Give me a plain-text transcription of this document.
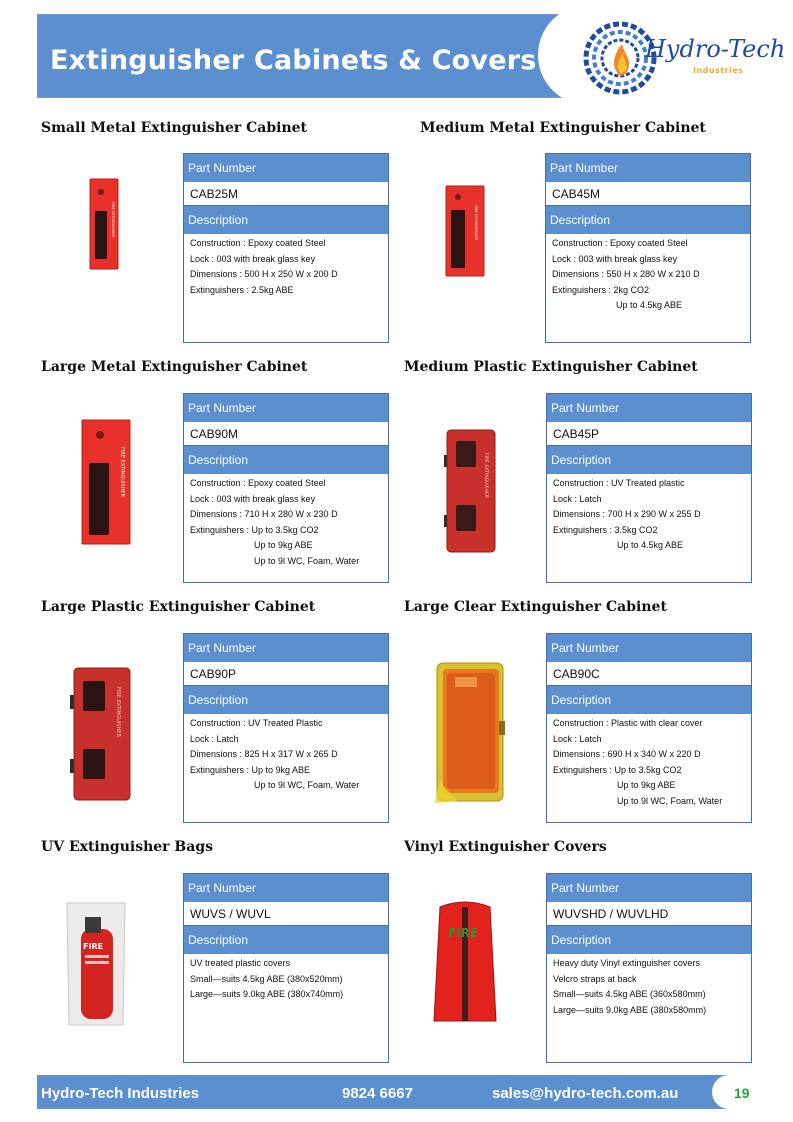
Extinguisher Cabinets & Covers	Hydro-Tech
Industries
Small Metal Extinguisher Cabinet
FIRE EXTINGUISHER
Part Number
CAB25M
Description
Construction : Epoxy coated Steel
Lock : 003 with break glass key
Dimensions : 500 H x 250 W x 200 D
Extinguishers : 2.5kg ABE
Medium Metal Extinguisher Cabinet
FIRE EXTINGUISHER
Part Number
CAB45M
Description
Construction : Epoxy coated Steel
Lock : 003 with break glass key
Dimensions : 550 H x 280 W x 210 D
Extinguishers : 2kg CO2
Up to 4.5kg ABE
Large Metal Extinguisher Cabinet
FIRE EXTINGUISHER
Part Number
CAB90M
Description
Construction : Epoxy coated Steel
Lock : 003 with break glass key
Dimensions : 710 H x 280 W x 230 D
Extinguishers : Up to 3.5kg CO2
Up to 9kg ABE
Up to 9l WC, Foam, Water
Medium Plastic Extinguisher Cabinet
FIRE EXTINGUISHER
Part Number
CAB45P
Description
Construction : UV Treated plastic
Lock : Latch
Dimensions : 700 H x 290 W x 255 D
Extinguishers : 3.5kg CO2
Up to 4.5kg ABE
Large Plastic Extinguisher Cabinet
FIRE EXTINGUISHER
Part Number
CAB90P
Description
Construction : UV Treated Plastic
Lock : Latch
Dimensions : 825 H x 317 W x 265 D
Extinguishers : Up to 9kg ABE
Up to 9l WC, Foam, Water
Large Clear Extinguisher Cabinet
Part Number
CAB90C
Description
Construction : Plastic with clear cover
Lock : Latch
Dimensions : 690 H x 340 W x 220 D
Extinguishers : Up to 3.5kg CO2
Up to 9kg ABE
Up to 9l WC, Foam, Water
UV Extinguisher Bags
FIRE
Part Number
WUVS / WUVL
Description
UV treated plastic covers
Small—suits 4.5kg ABE (380x520mm)
Large—suits 9.0kg ABE (380x740mm)
Vinyl Extinguisher Covers
FIRE
Part Number
WUVSHD / WUVLHD
Description
Heavy duty Vinyl extinguisher covers
Velcro straps at back
Small—suits 4.5kg ABE (360x580mm)
Large—suits 9.0kg ABE (380x580mm)
Hydro-Tech Industries	9824 6667	sales@hydro-tech.com.au	19
